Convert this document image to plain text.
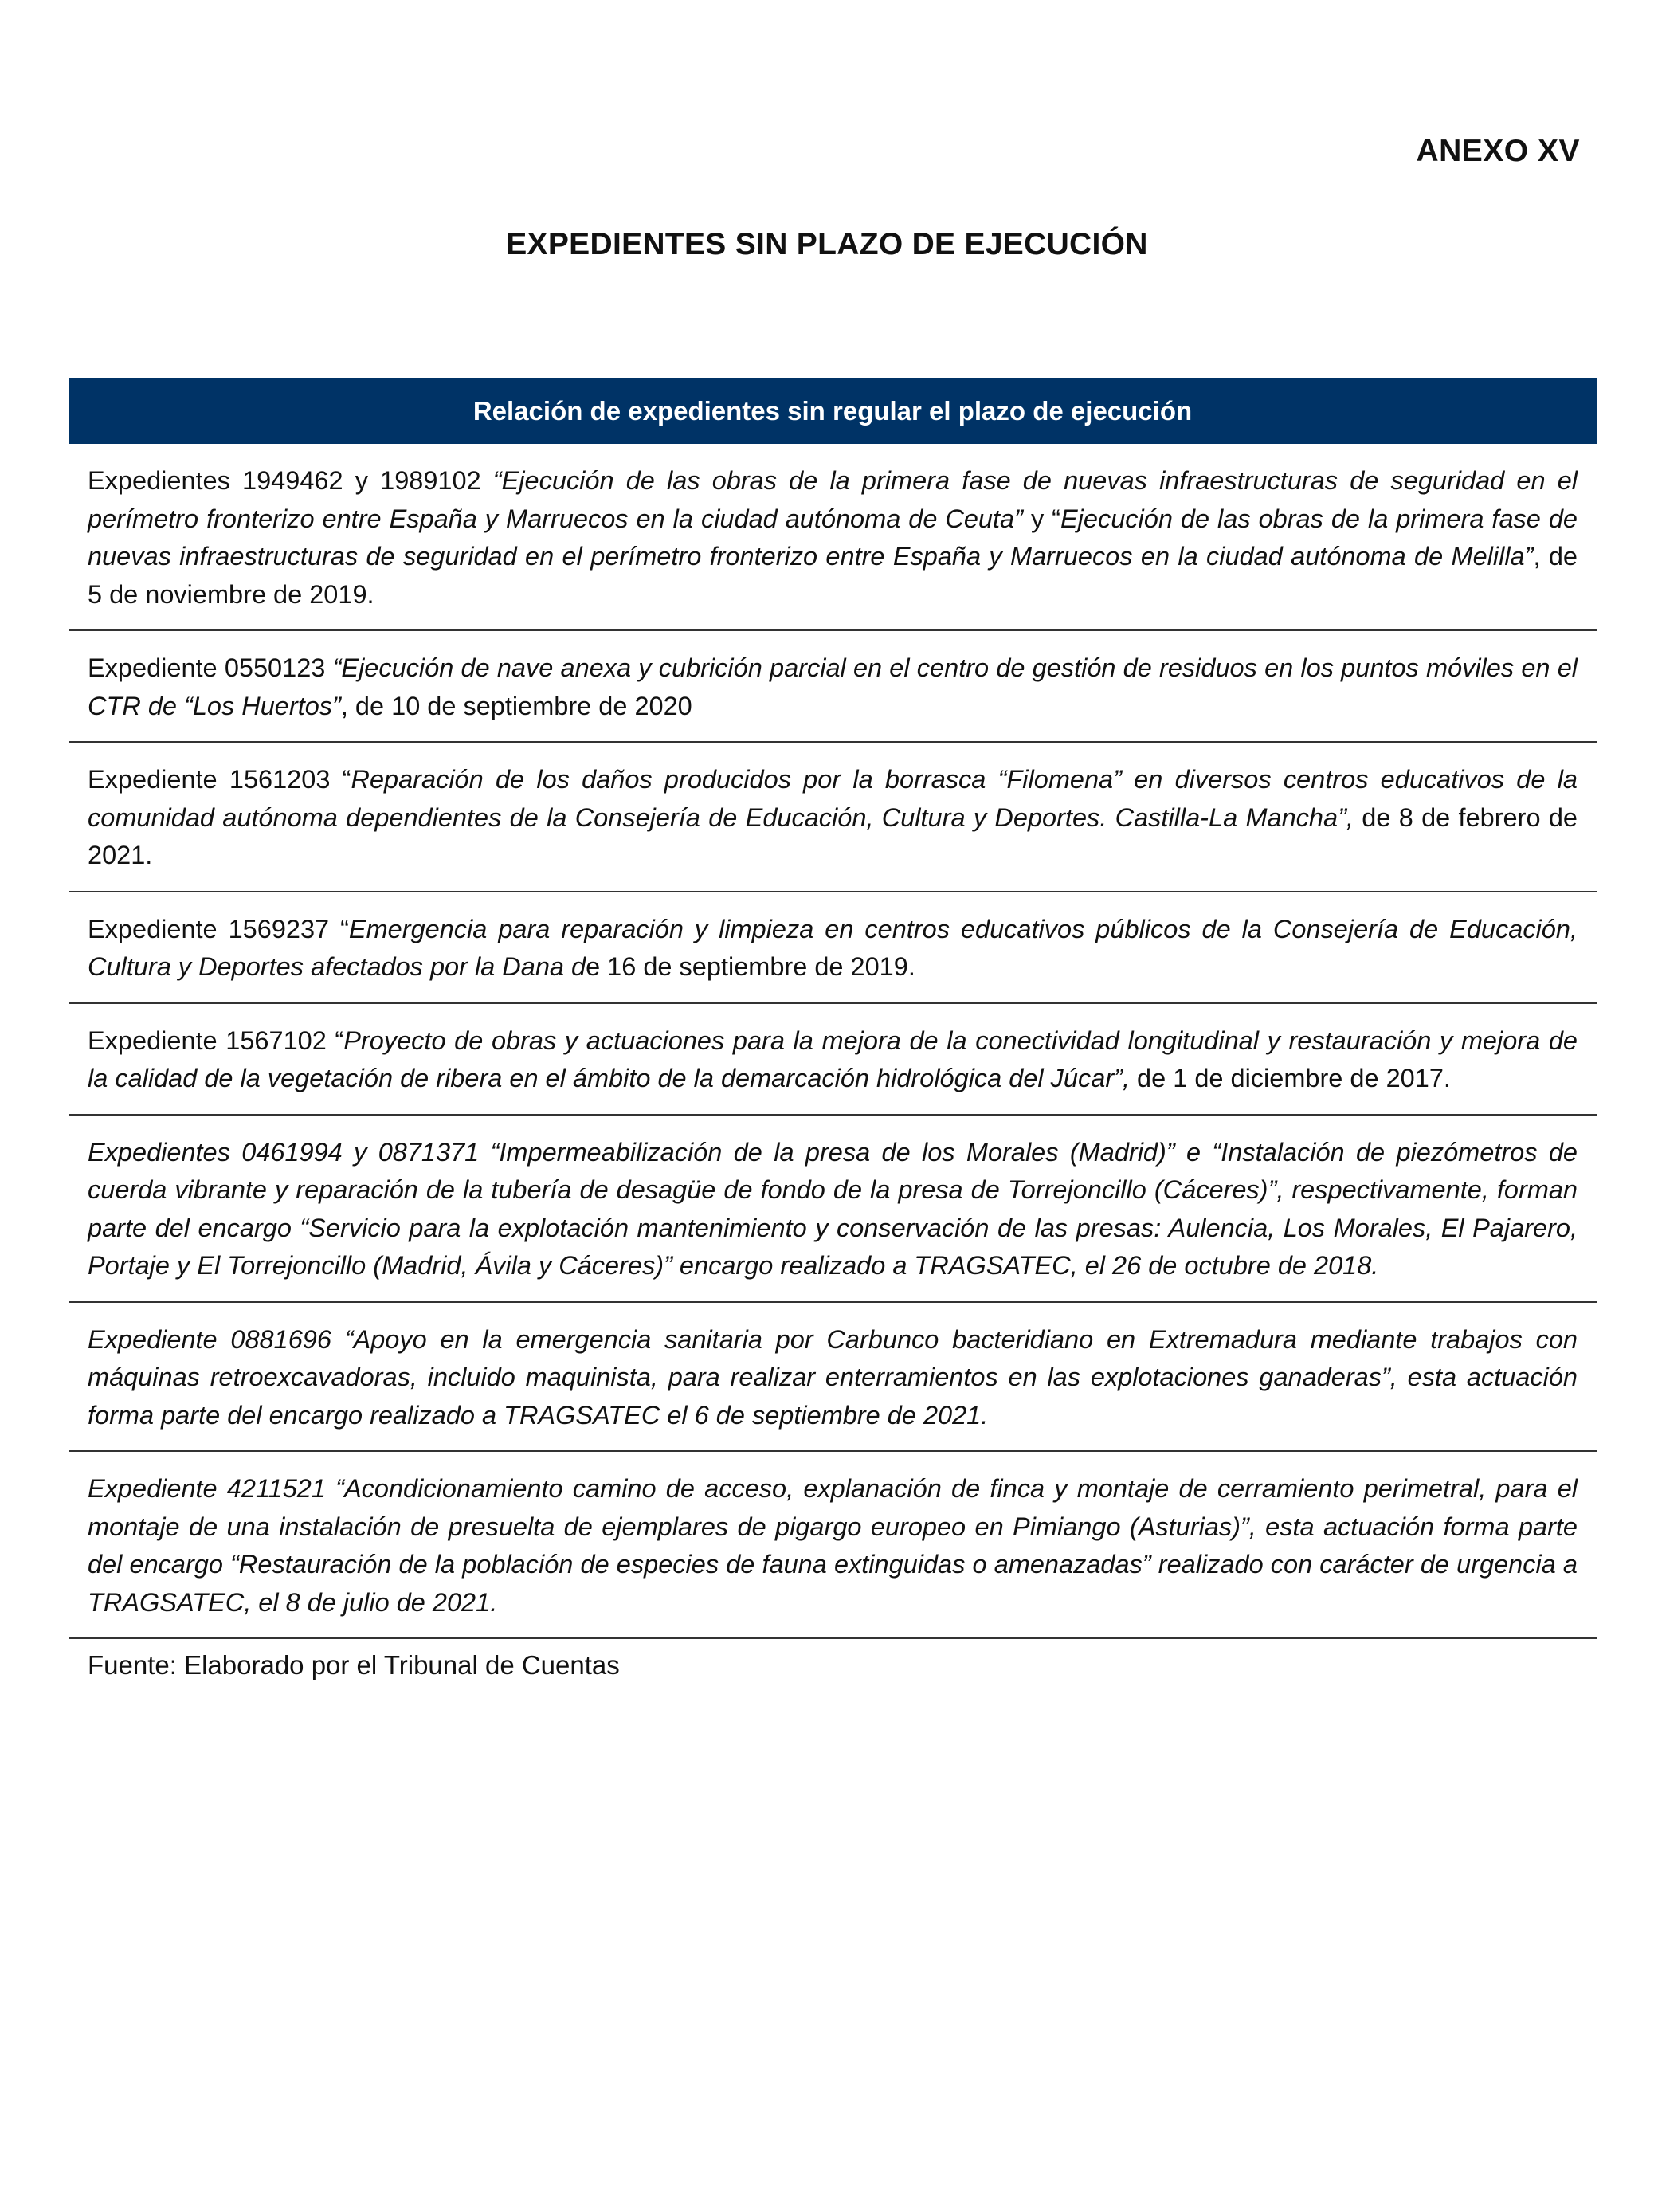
ANEXO XV
EXPEDIENTES SIN PLAZO DE EJECUCIÓN
Relación de expedientes sin regular el plazo de ejecución
Expedientes 1949462 y 1989102 “Ejecución de las obras de la primera fase de nuevas infraestructuras de seguridad en el perímetro fronterizo entre España y Marruecos en la ciudad autónoma de Ceuta” y “Ejecución de las obras de la primera fase de nuevas infraestructuras de seguridad en el perímetro fronterizo entre España y Marruecos en la ciudad autónoma de Melilla”, de 5 de noviembre de 2019.
Expediente 0550123 “Ejecución de nave anexa y cubrición parcial en el centro de gestión de residuos en los puntos móviles en el CTR de “Los Huertos”, de 10 de septiembre de 2020
Expediente 1561203 “Reparación de los daños producidos por la borrasca “Filomena” en diversos centros educativos de la comunidad autónoma dependientes de la Consejería de Educación, Cultura y Deportes. Castilla-La Mancha”, de 8 de febrero de 2021.
Expediente 1569237 “Emergencia para reparación y limpieza en centros educativos públicos de la Consejería de Educación, Cultura y Deportes afectados por la Dana de 16 de septiembre de 2019.
Expediente 1567102 “Proyecto de obras y actuaciones para la mejora de la conectividad longitudinal y restauración y mejora de la calidad de la vegetación de ribera en el ámbito de la demarcación hidrológica del Júcar”, de 1 de diciembre de 2017.
Expedientes 0461994 y 0871371 “Impermeabilización de la presa de los Morales (Madrid)” e “Instalación de piezómetros de cuerda vibrante y reparación de la tubería de desagüe de fondo de la presa de Torrejoncillo (Cáceres)”, respectivamente, forman parte del encargo “Servicio para la explotación mantenimiento y conservación de las presas: Aulencia, Los Morales, El Pajarero, Portaje y El Torrejoncillo (Madrid, Ávila y Cáceres)” encargo realizado a TRAGSATEC, el 26 de octubre de 2018.
Expediente 0881696 “Apoyo en la emergencia sanitaria por Carbunco bacteridiano en Extremadura mediante trabajos con máquinas retroexcavadoras, incluido maquinista, para realizar enterramientos en las explotaciones ganaderas”, esta actuación forma parte del encargo realizado a TRAGSATEC el 6 de septiembre de 2021.
Expediente 4211521 “Acondicionamiento camino de acceso, explanación de finca y montaje de cerramiento perimetral, para el montaje de una instalación de presuelta de ejemplares de pigargo europeo en Pimiango (Asturias)”, esta actuación forma parte del encargo “Restauración de la población de especies de fauna extinguidas o amenazadas” realizado con carácter de urgencia a TRAGSATEC, el 8 de julio de 2021.
Fuente: Elaborado por el Tribunal de Cuentas
